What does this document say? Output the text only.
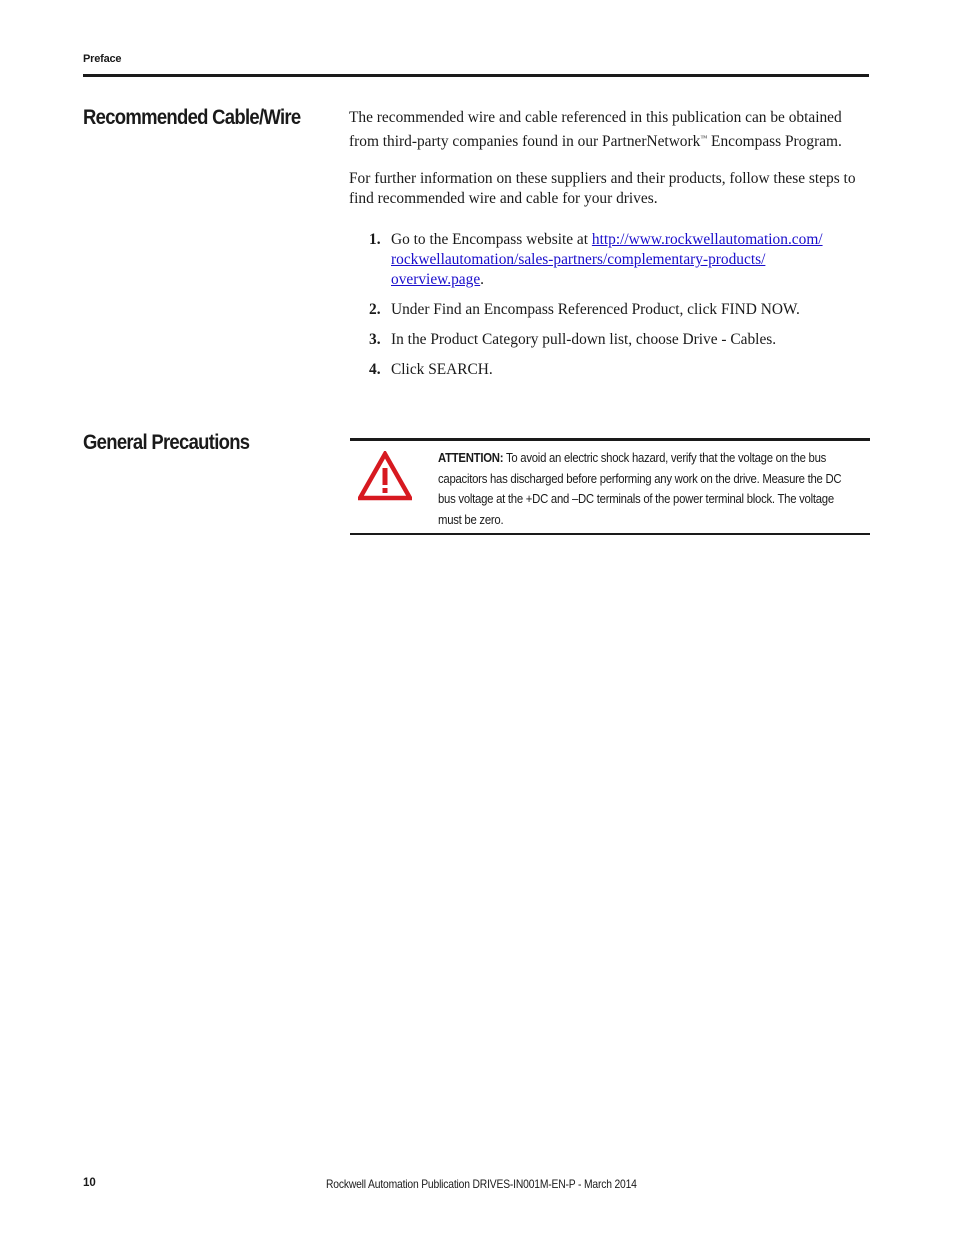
Preface
Recommended Cable/Wire	The recommended wire and cable referenced in this publication can be obtained from third-party companies found in our PartnerNetwork™ Encompass Program.

For further information on these suppliers and their products, follow these steps to find recommended wire and cable for your drives.

1. Go to the Encompass website at http://www.rockwellautomation.com/
rockwellautomation/sales-partners/complementary-products/
overview.page.
2. Under Find an Encompass Referenced Product, click FIND NOW.
3. In the Product Category pull-down list, choose Drive - Cables.
4. Click SEARCH.
General Precautions
ATTENTION: To avoid an electric shock hazard, verify that the voltage on the bus capacitors has discharged before performing any work on the drive. Measure the DC bus voltage at the +DC and –DC terminals of the power terminal block. The voltage must be zero.
10	Rockwell Automation Publication DRIVES-IN001M-EN-P - March 2014
